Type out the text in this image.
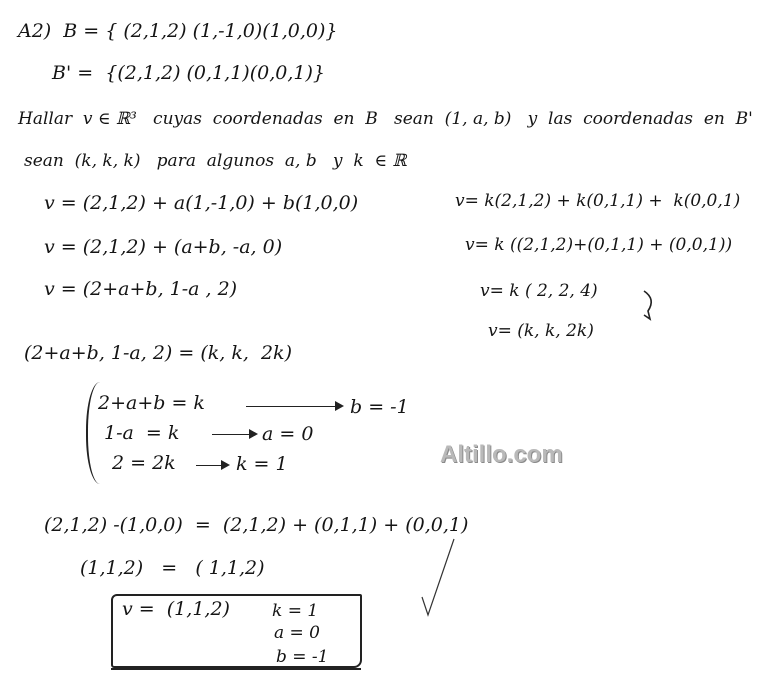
A2)  B = { (2,1,2) (1,-1,0)(1,0,0)}
B' =  {(2,1,2) (0,1,1)(0,0,1)}
Hallar  v ∈ ℝ³   cuyas  coordenadas  en  B   sean  (1, a, b)   y  las  coordenadas  en  B'
sean  (k, k, k)   para  algunos  a, b   y  k  ∈ ℝ
v = (2,1,2) + a(1,-1,0) + b(1,0,0)
v = (2,1,2) + (a+b, -a, 0)
v = (2+a+b, 1-a , 2)
v= k(2,1,2) + k(0,1,1) +  k(0,0,1)
v= k ((2,1,2)+(0,1,1) + (0,0,1))
v= k ( 2, 2, 4)
v= (k, k, 2k)
(2+a+b, 1-a, 2) = (k, k,  2k)
2+a+b = k	b = -1
1-a  = k	a = 0
2 = 2k	k = 1	Altillo.com
(2,1,2) -(1,0,0)  =  (2,1,2) + (0,1,1) + (0,0,1)
(1,1,2)   =   ( 1,1,2)
v =  (1,1,2) k = 1
a = 0
b = -1
